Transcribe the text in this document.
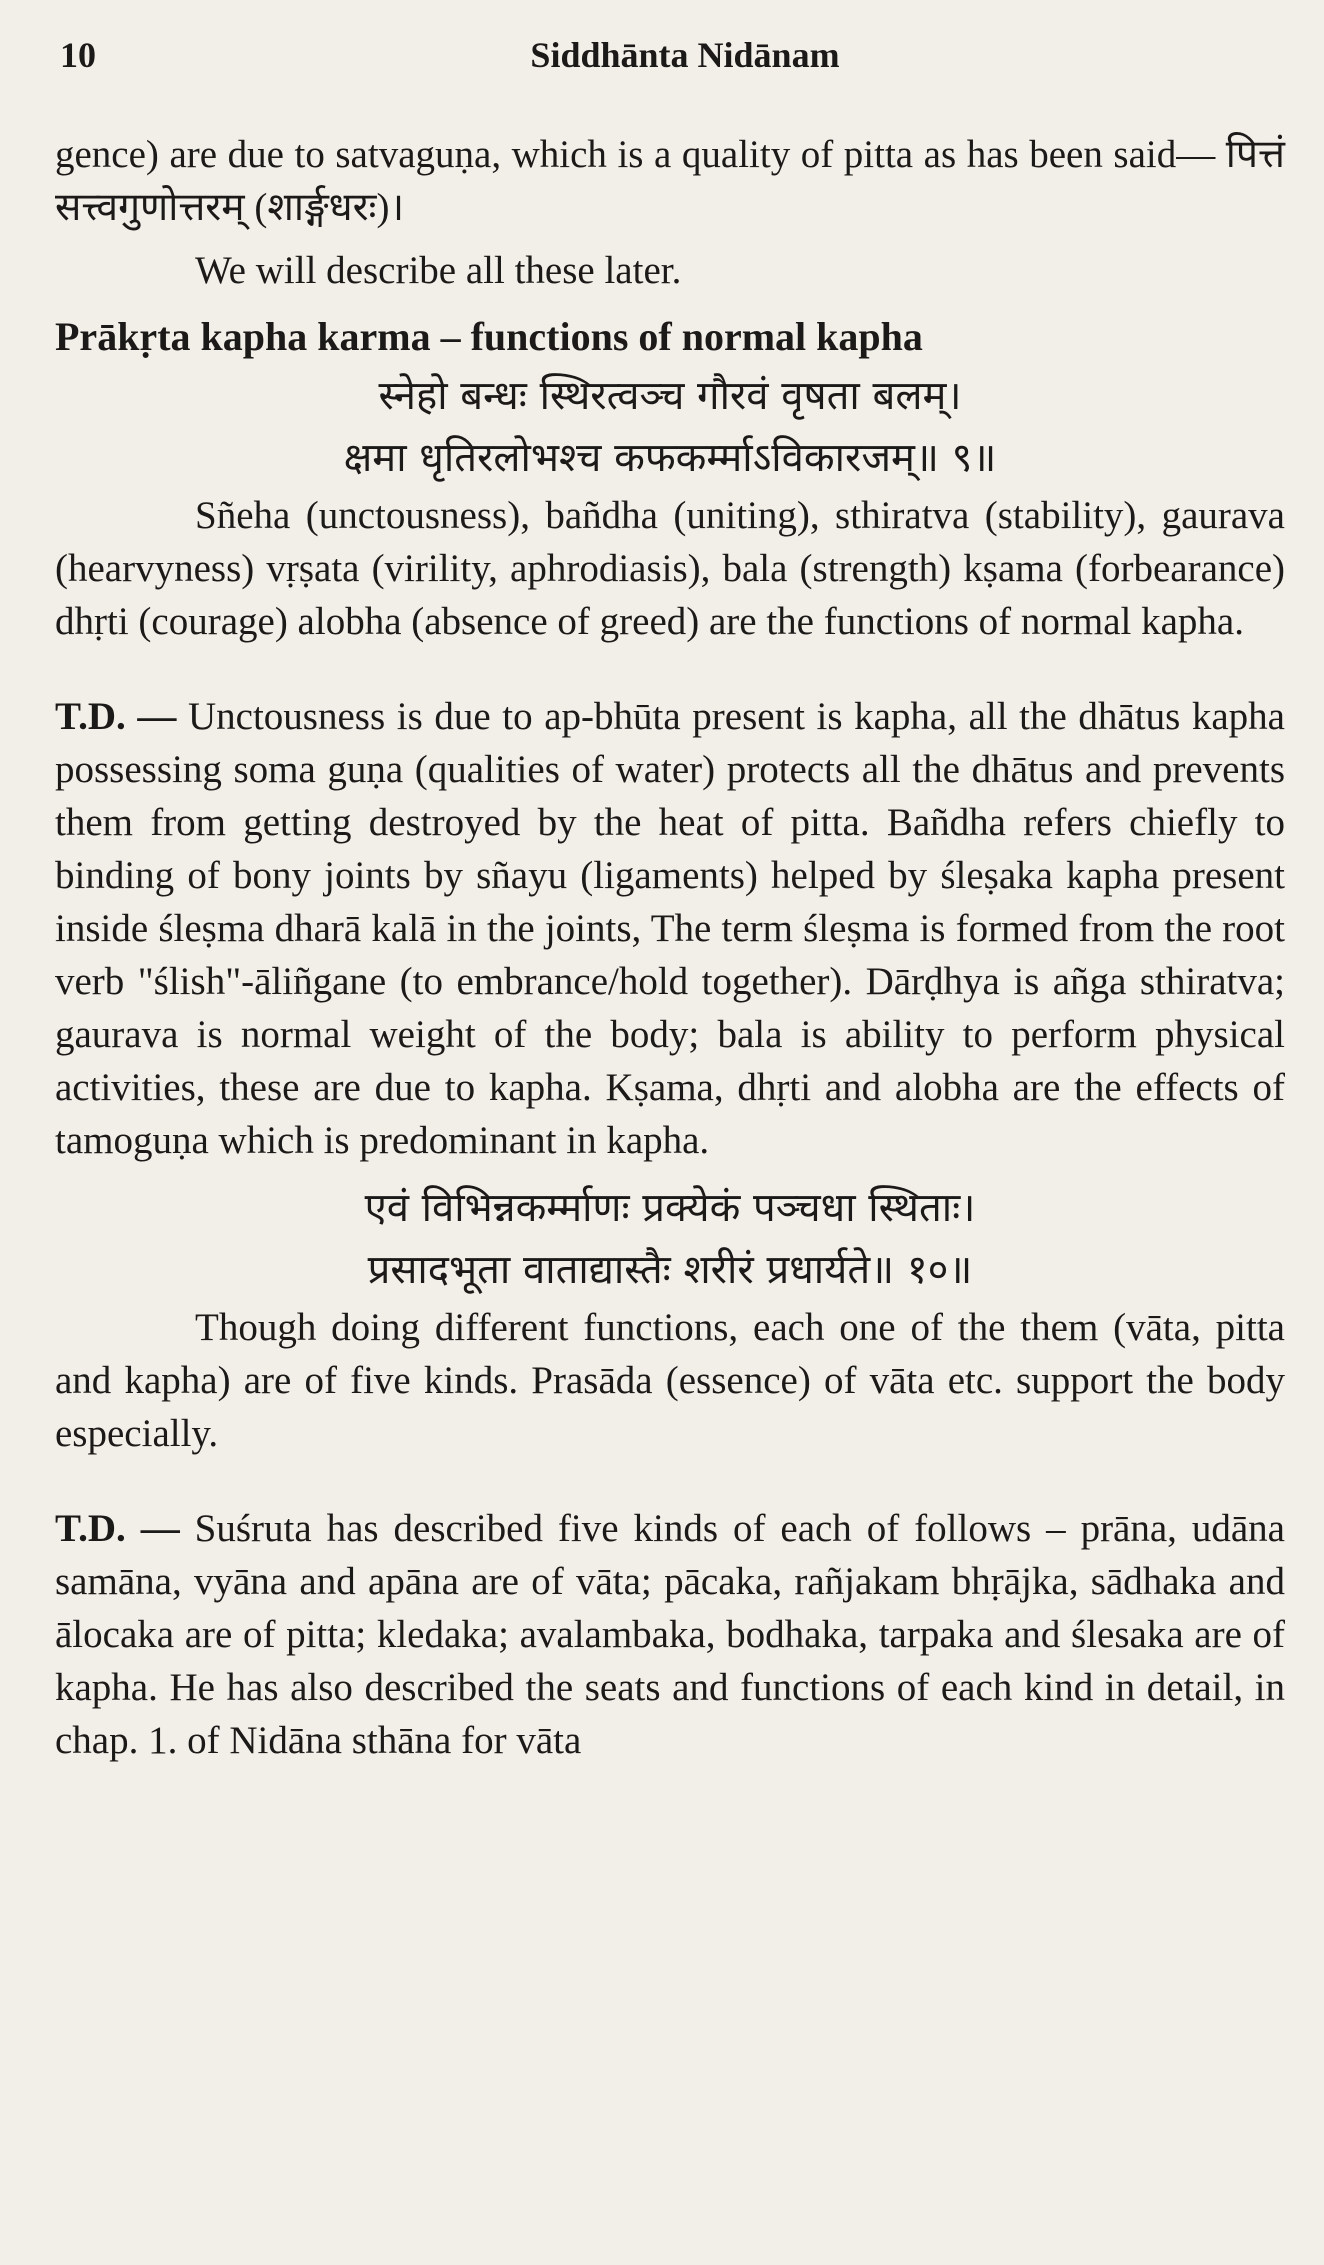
10	Siddhānta Nidānam

gence) are due to satvaguṇa, which is a quality of pitta as has been said— पित्तं सत्त्वगुणोत्तरम् (शार्ङ्गधरः)।

We will describe all these later.

Prākṛta kapha karma – functions of normal kapha

स्नेहो बन्धः स्थिरत्वञ्च गौरवं वृषता बलम्।
क्षमा धृतिरलोभश्च कफकर्म्माऽविकारजम्॥ ९॥

Sñeha (unctousness), bañdha (uniting), sthiratva (stability), gaurava (hearvyness) vṛṣata (virility, aphrodiasis), bala (strength) kṣama (forbearance) dhṛti (courage) alobha (absence of greed) are the functions of normal kapha.

T.D. — Unctousness is due to ap-bhūta present is kapha, all the dhātus kapha possessing soma guṇa (qualities of water) protects all the dhātus and prevents them from getting destroyed by the heat of pitta. Bañdha refers chiefly to binding of bony joints by sñayu (ligaments) helped by śleṣaka kapha present inside śleṣma dharā kalā in the joints, The term śleṣma is formed from the root verb "ślish"-āliñgane (to embrance/hold together). Dārḍhya is añga sthiratva; gaurava is normal weight of the body; bala is ability to perform physical activities, these are due to kapha. Kṣama, dhṛti and alobha are the effects of tamoguṇa which is predominant in kapha.

एवं विभिन्नकर्म्माणः प्रक्येकं पञ्चधा स्थिताः।
प्रसादभूता वाताद्यास्तैः शरीरं प्रधार्यते॥ १०॥

Though doing different functions, each one of the them (vāta, pitta and kapha) are of five kinds. Prasāda (essence) of vāta etc. support the body especially.

T.D. — Suśruta has described five kinds of each of follows – prāna, udāna samāna, vyāna and apāna are of vāta; pācaka, rañjakam bhṛājka, sādhaka and ālocaka are of pitta; kledaka; avalambaka, bodhaka, tarpaka and ślesaka are of kapha. He has also described the seats and functions of each kind in detail, in chap. 1. of Nidāna sthāna for vāta
